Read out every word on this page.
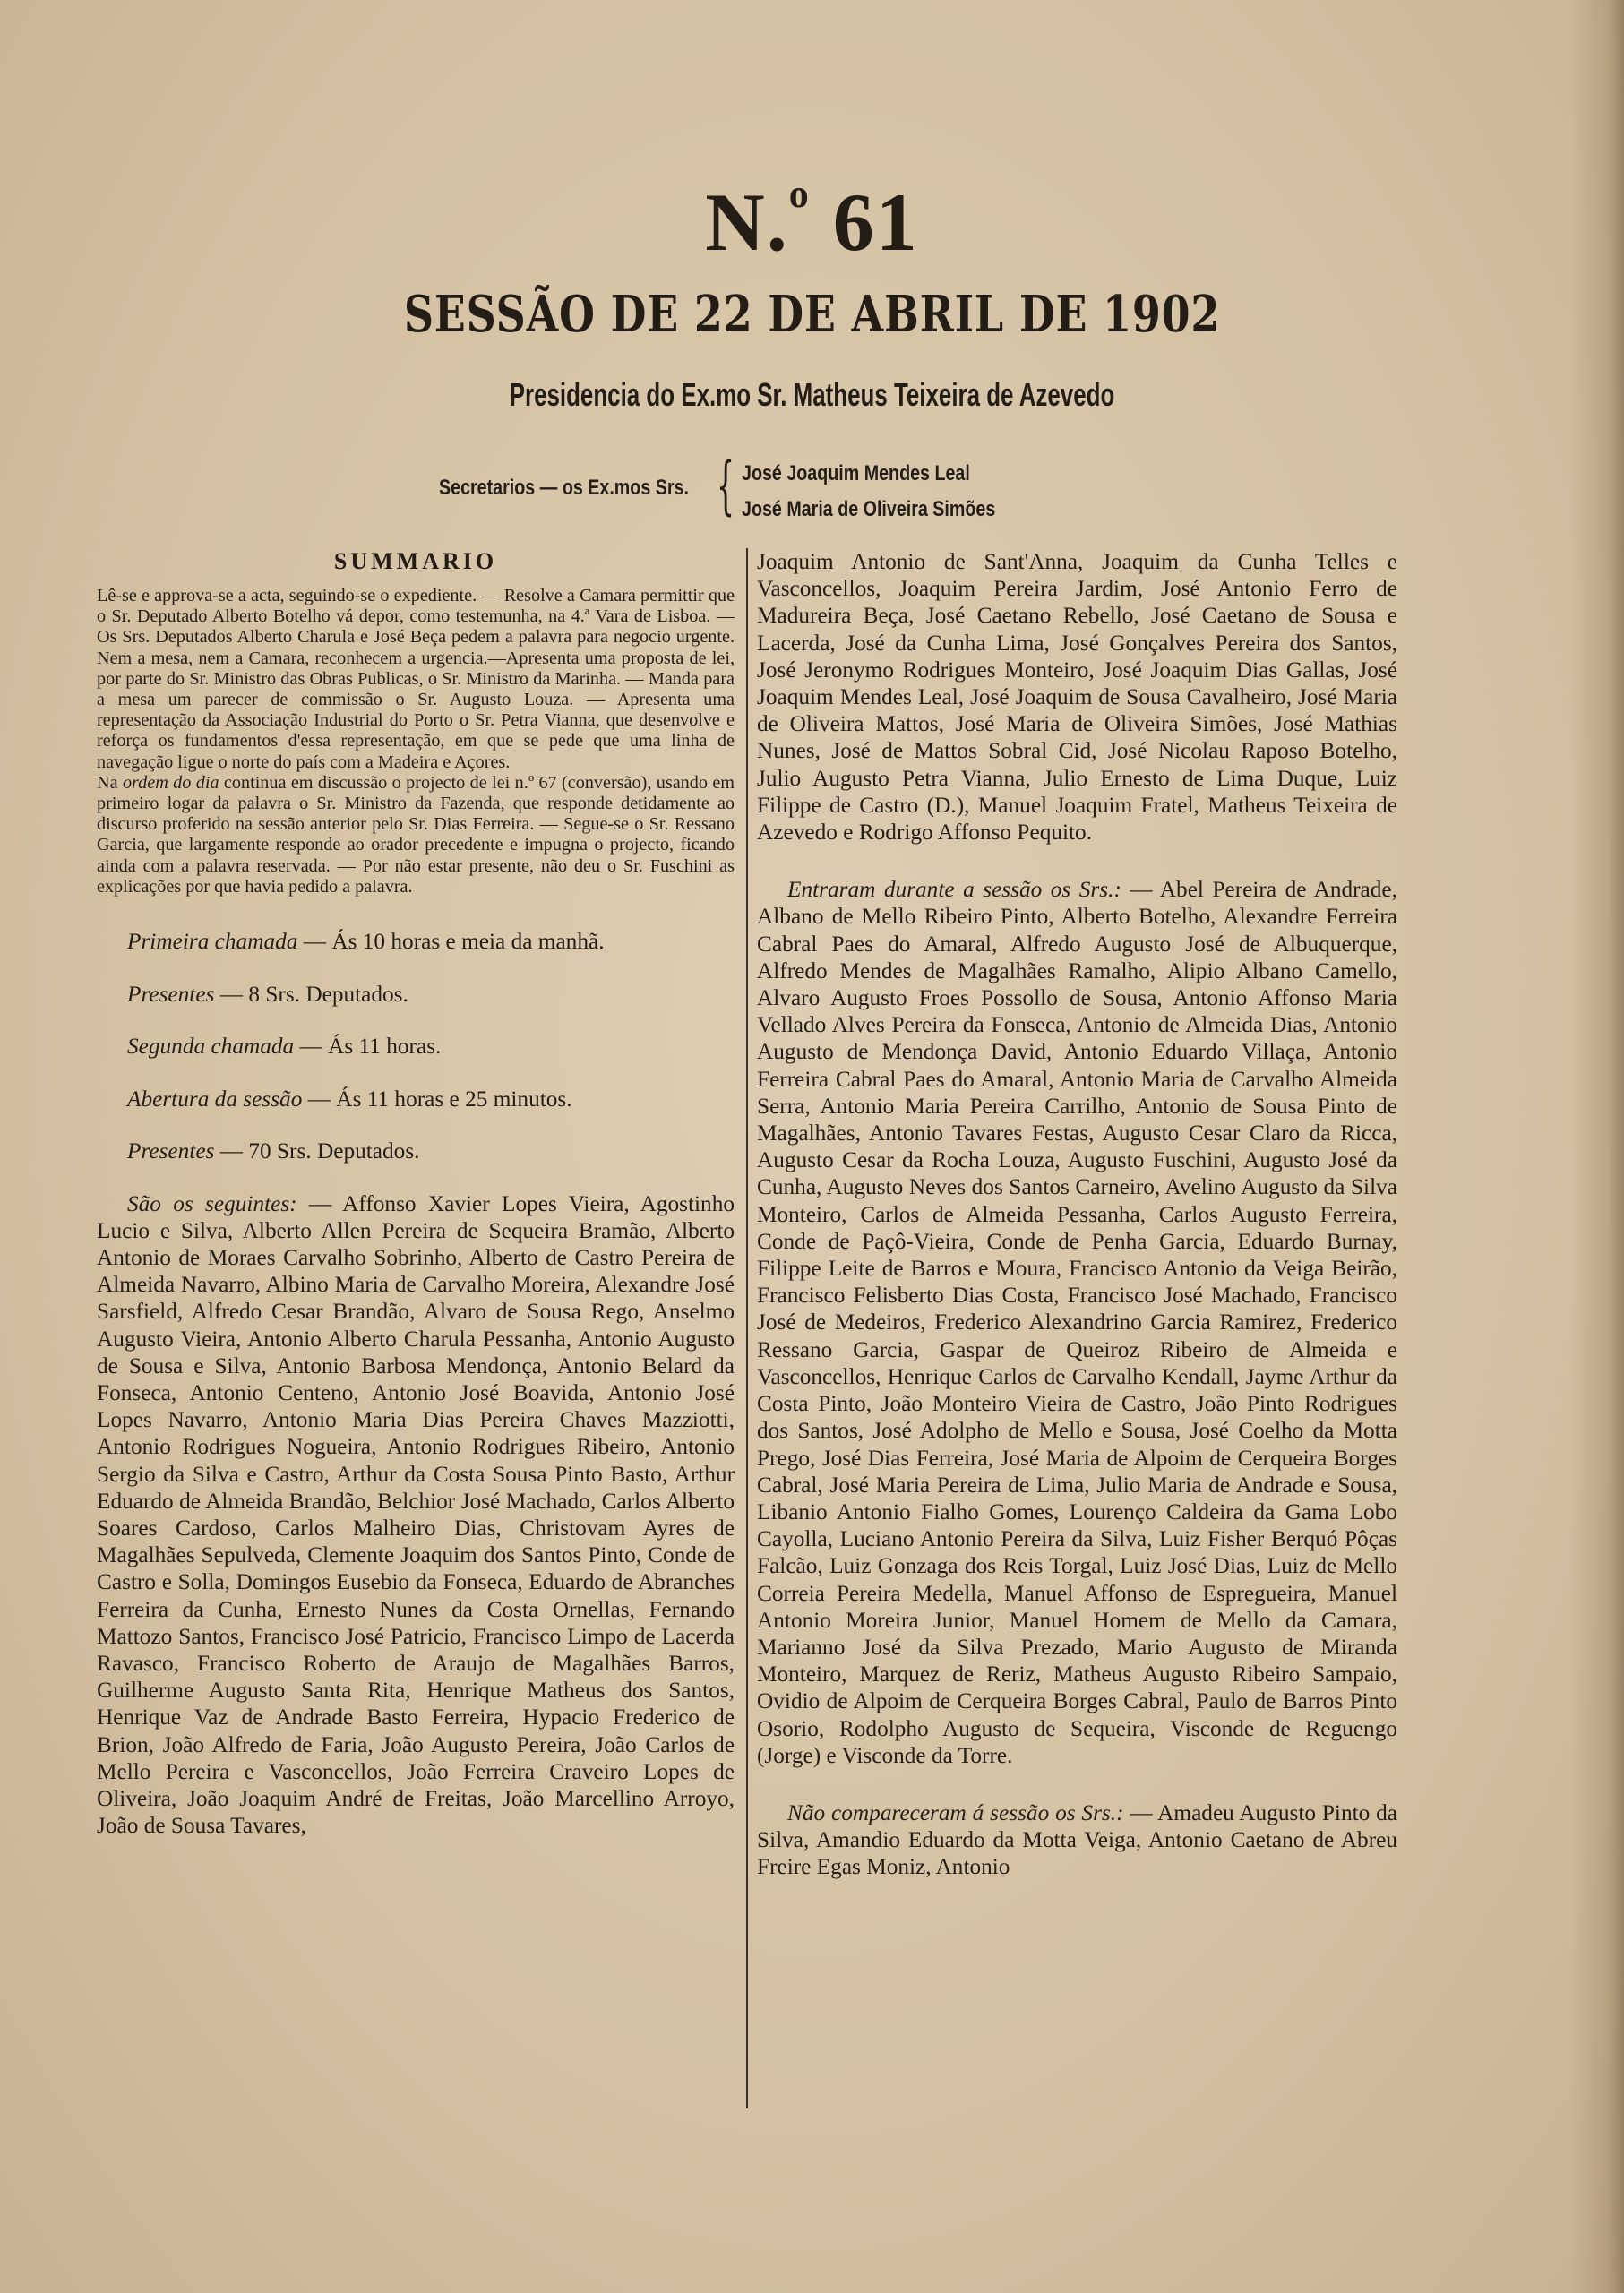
N.$^o$ 61
SESSÃO DE 22 DE ABRIL DE 1902
Presidencia do Ex.mo Sr. Matheus Teixeira de Azevedo
Secretarios — os Ex.mos Srs. { José Joaquim Mendes Leal
José Maria de Oliveira Simões
SUMMARIO

Lê-se e approva-se a acta, seguindo-se o expediente. — Resolve a Camara permittir que o Sr. Deputado Alberto Botelho vá depor, como testemunha, na 4.ª Vara de Lisboa. — Os Srs. Deputados Alberto Charula e José Beça pedem a palavra para negocio urgente. Nem a mesa, nem a Camara, reconhecem a urgencia.—Apresenta uma proposta de lei, por parte do Sr. Ministro das Obras Publicas, o Sr. Ministro da Marinha. — Manda para a mesa um parecer de commissão o Sr. Augusto Louza. — Apresenta uma representação da Associação Industrial do Porto o Sr. Petra Vianna, que desenvolve e reforça os fundamentos d'essa representação, em que se pede que uma linha de navegação ligue o norte do país com a Madeira e Açores.

Na ordem do dia continua em discussão o projecto de lei n.º 67 (conversão), usando em primeiro logar da palavra o Sr. Ministro da Fazenda, que responde detidamente ao discurso proferido na sessão anterior pelo Sr. Dias Ferreira. — Segue-se o Sr. Ressano Garcia, que largamente responde ao orador precedente e impugna o projecto, ficando ainda com a palavra reservada. — Por não estar presente, não deu o Sr. Fuschini as explicações por que havia pedido a palavra.

Primeira chamada — Ás 10 horas e meia da manhã.

Presentes — 8 Srs. Deputados.

Segunda chamada — Ás 11 horas.

Abertura da sessão — Ás 11 horas e 25 minutos.

Presentes — 70 Srs. Deputados.

São os seguintes: — Affonso Xavier Lopes Vieira, Agostinho Lucio e Silva, Alberto Allen Pereira de Sequeira Bramão, Alberto Antonio de Moraes Carvalho Sobrinho, Alberto de Castro Pereira de Almeida Navarro, Albino Maria de Carvalho Moreira, Alexandre José Sarsfield, Alfredo Cesar Brandão, Alvaro de Sousa Rego, Anselmo Augusto Vieira, Antonio Alberto Charula Pessanha, Antonio Augusto de Sousa e Silva, Antonio Barbosa Mendonça, Antonio Belard da Fonseca, Antonio Centeno, Antonio José Boavida, Antonio José Lopes Navarro, Antonio Maria Dias Pereira Chaves Mazziotti, Antonio Rodrigues Nogueira, Antonio Rodrigues Ribeiro, Antonio Sergio da Silva e Castro, Arthur da Costa Sousa Pinto Basto, Arthur Eduardo de Almeida Brandão, Belchior José Machado, Carlos Alberto Soares Cardoso, Carlos Malheiro Dias, Christovam Ayres de Magalhães Sepulveda, Clemente Joaquim dos Santos Pinto, Conde de Castro e Solla, Domingos Eusebio da Fonseca, Eduardo de Abranches Ferreira da Cunha, Ernesto Nunes da Costa Ornellas, Fernando Mattozo Santos, Francisco José Patricio, Francisco Limpo de Lacerda Ravasco, Francisco Roberto de Araujo de Magalhães Barros, Guilherme Augusto Santa Rita, Henrique Matheus dos Santos, Henrique Vaz de Andrade Basto Ferreira, Hypacio Frederico de Brion, João Alfredo de Faria, João Augusto Pereira, João Carlos de Mello Pereira e Vasconcellos, João Ferreira Craveiro Lopes de Oliveira, João Joaquim André de Freitas, João Marcellino Arroyo, João de Sousa Tavares,

Joaquim Antonio de Sant'Anna, Joaquim da Cunha Telles e Vasconcellos, Joaquim Pereira Jardim, José Antonio Ferro de Madureira Beça, José Caetano Rebello, José Caetano de Sousa e Lacerda, José da Cunha Lima, José Gonçalves Pereira dos Santos, José Jeronymo Rodrigues Monteiro, José Joaquim Dias Gallas, José Joaquim Mendes Leal, José Joaquim de Sousa Cavalheiro, José Maria de Oliveira Mattos, José Maria de Oliveira Simões, José Mathias Nunes, José de Mattos Sobral Cid, José Nicolau Raposo Botelho, Julio Augusto Petra Vianna, Julio Ernesto de Lima Duque, Luiz Filippe de Castro (D.), Manuel Joaquim Fratel, Matheus Teixeira de Azevedo e Rodrigo Affonso Pequito.
Entraram durante a sessão os Srs.: — Abel Pereira de Andrade, Albano de Mello Ribeiro Pinto, Alberto Botelho, Alexandre Ferreira Cabral Paes do Amaral, Alfredo Augusto José de Albuquerque, Alfredo Mendes de Magalhães Ramalho, Alipio Albano Camello, Alvaro Augusto Froes Possollo de Sousa, Antonio Affonso Maria Vellado Alves Pereira da Fonseca, Antonio de Almeida Dias, Antonio Augusto de Mendonça David, Antonio Eduardo Villaça, Antonio Ferreira Cabral Paes do Amaral, Antonio Maria de Carvalho Almeida Serra, Antonio Maria Pereira Carrilho, Antonio de Sousa Pinto de Magalhães, Antonio Tavares Festas, Augusto Cesar Claro da Ricca, Augusto Cesar da Rocha Louza, Augusto Fuschini, Augusto José da Cunha, Augusto Neves dos Santos Carneiro, Avelino Augusto da Silva Monteiro, Carlos de Almeida Pessanha, Carlos Augusto Ferreira, Conde de Paçô-Vieira, Conde de Penha Garcia, Eduardo Burnay, Filippe Leite de Barros e Moura, Francisco Antonio da Veiga Beirão, Francisco Felisberto Dias Costa, Francisco José Machado, Francisco José de Medeiros, Frederico Alexandrino Garcia Ramirez, Frederico Ressano Garcia, Gaspar de Queiroz Ribeiro de Almeida e Vasconcellos, Henrique Carlos de Carvalho Kendall, Jayme Arthur da Costa Pinto, João Monteiro Vieira de Castro, João Pinto Rodrigues dos Santos, José Adolpho de Mello e Sousa, José Coelho da Motta Prego, José Dias Ferreira, José Maria de Alpoim de Cerqueira Borges Cabral, José Maria Pereira de Lima, Julio Maria de Andrade e Sousa, Libanio Antonio Fialho Gomes, Lourenço Caldeira da Gama Lobo Cayolla, Luciano Antonio Pereira da Silva, Luiz Fisher Berquó Pôças Falcão, Luiz Gonzaga dos Reis Torgal, Luiz José Dias, Luiz de Mello Correia Pereira Medella, Manuel Affonso de Espregueira, Manuel Antonio Moreira Junior, Manuel Homem de Mello da Camara, Marianno José da Silva Prezado, Mario Augusto de Miranda Monteiro, Marquez de Reriz, Matheus Augusto Ribeiro Sampaio, Ovidio de Alpoim de Cerqueira Borges Cabral, Paulo de Barros Pinto Osorio, Rodolpho Augusto de Sequeira, Visconde de Reguengo (Jorge) e Visconde da Torre.
Não compareceram á sessão os Srs.: — Amadeu Augusto Pinto da Silva, Amandio Eduardo da Motta Veiga, Antonio Caetano de Abreu Freire Egas Moniz, Antonio
